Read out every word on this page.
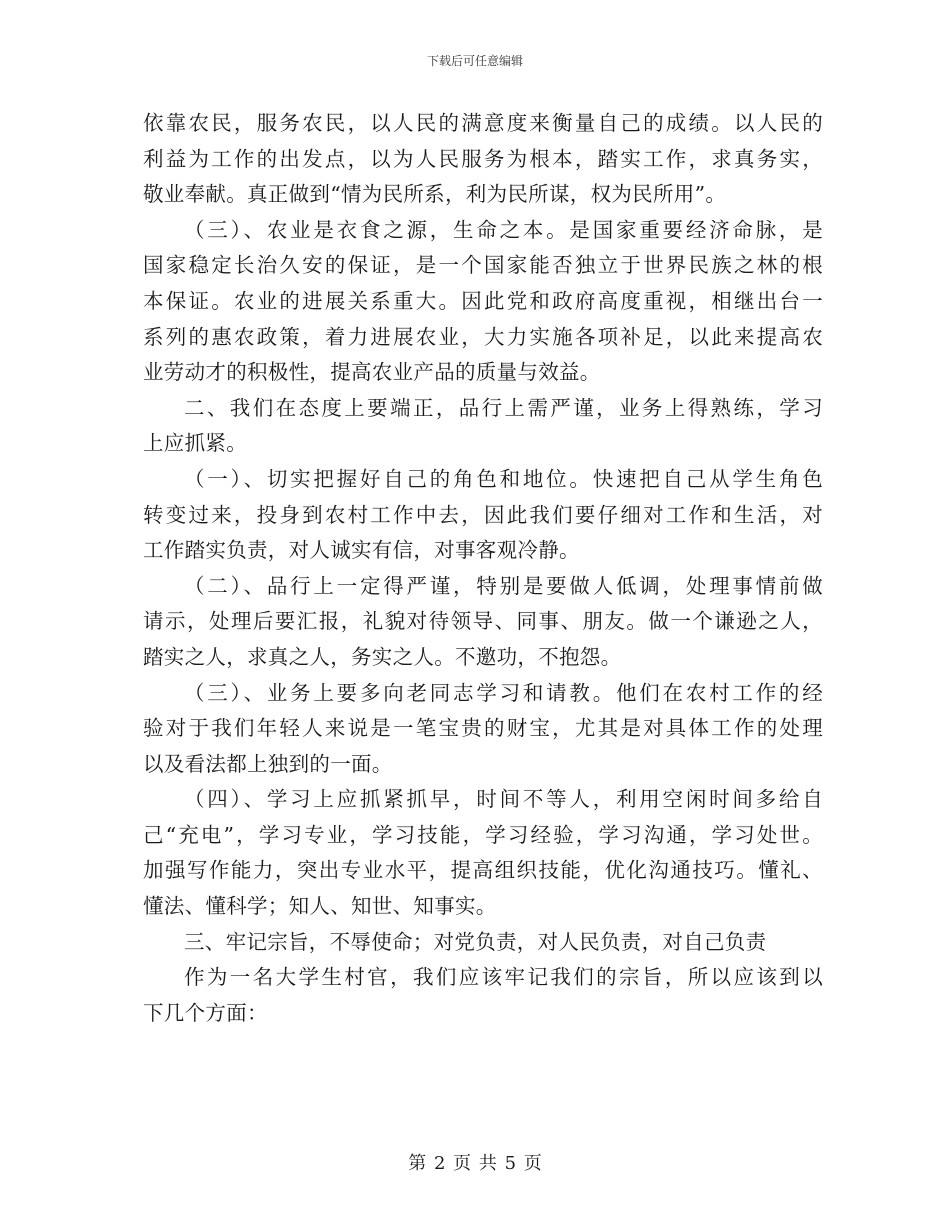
下载后可任意编辑
依靠农民，服务农民，以人民的满意度来衡量自己的成绩。以人民的
利益为工作的出发点，以为人民服务为根本，踏实工作，求真务实，
敬业奉献。真正做到“情为民所系，利为民所谋，权为民所用”。
（三）、农业是衣食之源，生命之本。是国家重要经济命脉，是
国家稳定长治久安的保证，是一个国家能否独立于世界民族之林的根
本保证。农业的进展关系重大。因此党和政府高度重视，相继出台一
系列的惠农政策，着力进展农业，大力实施各项补足，以此来提高农
业劳动才的积极性，提高农业产品的质量与效益。
二、我们在态度上要端正，品行上需严谨，业务上得熟练，学习
上应抓紧。
（一）、切实把握好自己的角色和地位。快速把自己从学生角色
转变过来，投身到农村工作中去，因此我们要仔细对工作和生活，对
工作踏实负责，对人诚实有信，对事客观冷静。
（二）、品行上一定得严谨，特别是要做人低调，处理事情前做
请示，处理后要汇报，礼貌对待领导、同事、朋友。做一个谦逊之人，
踏实之人，求真之人，务实之人。不邀功，不抱怨。
（三）、业务上要多向老同志学习和请教。他们在农村工作的经
验对于我们年轻人来说是一笔宝贵的财宝，尤其是对具体工作的处理
以及看法都上独到的一面。
（四）、学习上应抓紧抓早，时间不等人，利用空闲时间多给自
己“充电”，学习专业，学习技能，学习经验，学习沟通，学习处世。
加强写作能力，突出专业水平，提高组织技能，优化沟通技巧。懂礼、
懂法、懂科学；知人、知世、知事实。
三、牢记宗旨，不辱使命；对党负责，对人民负责，对自己负责
作为一名大学生村官，我们应该牢记我们的宗旨，所以应该到以
下几个方面：
第 2 页 共 5 页
